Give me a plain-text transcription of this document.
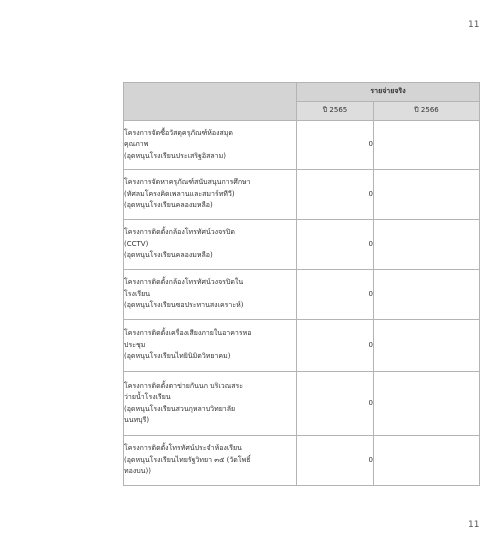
11
	รายจ่ายจริง	
	ปี 2565	ปี 2566

โครงการจัดซื้อวัสดุครุภัณฑ์ห้องสมุด
คุณภาพ
(อุดหนุนโรงเรียนประเสริฐอิสลาม)	0	

โครงการจัดหาครุภัณฑ์สนับสนุนการศึกษา
(ทัศลมโครงคิดเพลานและสมาร์ททีวี)
(อุดหนุนโรงเรียนคลองมหลือ)	0	

โครงการติดตั้งกล้องโทรทัศน์วงจรปิด
(CCTV)
(อุดหนุนโรงเรียนคลองมหลือ)	0	

โครงการติดตั้งกล้องโทรทัศน์วงจรปิดใน
โรงเรียน
(อุดหนุนโรงเรียนซอประทานสงเคราะห์)	0	

โครงการติดตั้งเครื่องเสียงภายในอาคารหอ
ประชุม
(อุดหนุนโรงเรียนไทยินิมิตวิทยาคม)	0	

โครงการติดตั้งตาข่ายกันนก บริเวณสระ
ว่ายน้ำโรงเรียน
(อุดหนุนโรงเรียนสวนกุหลาบวิทยาลัย
นนทบุรี)	0	

โครงการติดตั้งโทรทัศน์ประจำห้องเรียน
(อุดหนุนโรงเรียนไทยรัฐวิทยา ๓๕ (วัดโพธิ์
ทองบน))	0	
11
